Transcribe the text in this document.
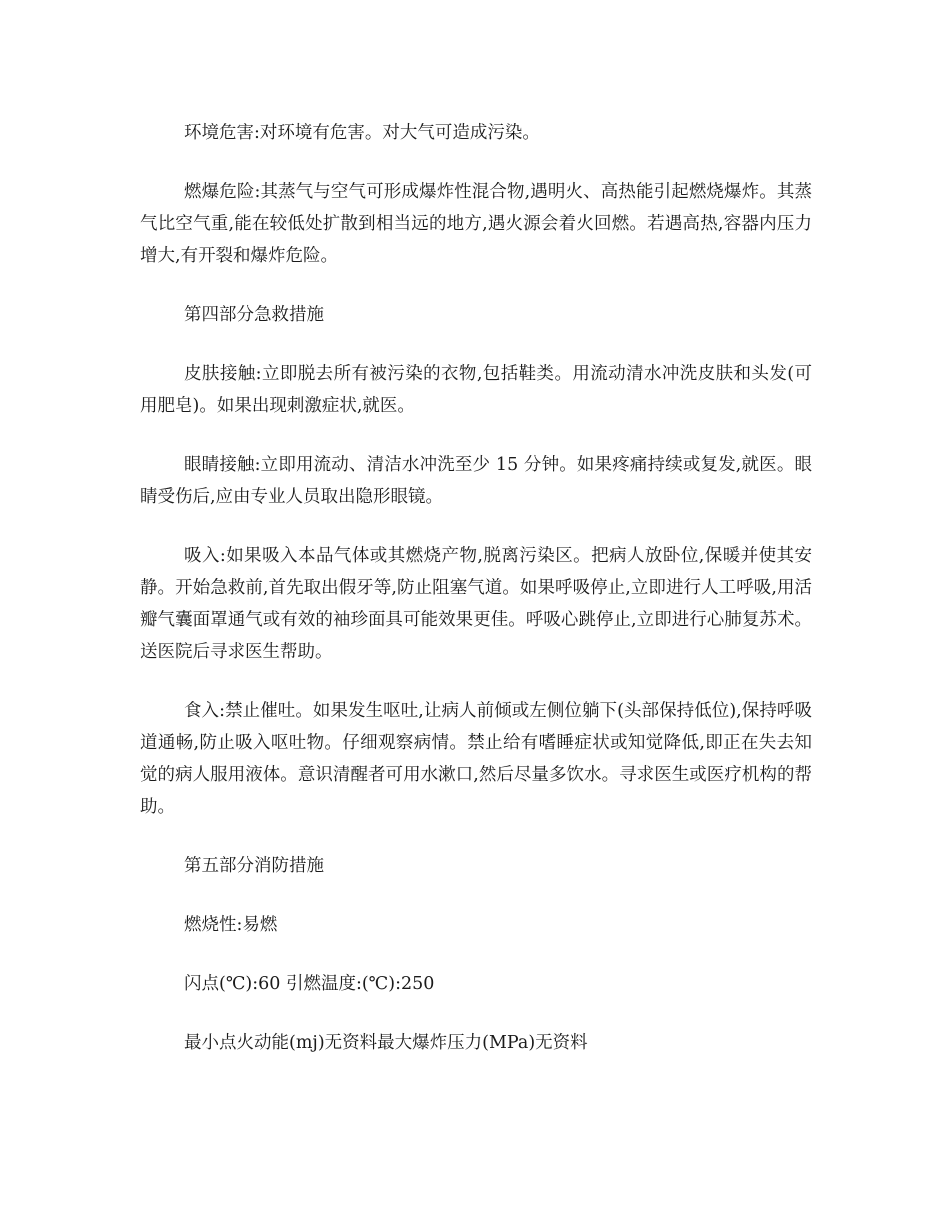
环境危害:对环境有危害。对大气可造成污染。

燃爆危险:其蒸气与空气可形成爆炸性混合物,遇明火、高热能引起燃烧爆炸。其蒸气比空气重,能在较低处扩散到相当远的地方,遇火源会着火回燃。若遇高热,容器内压力增大,有开裂和爆炸危险。

第四部分急救措施

皮肤接触:立即脱去所有被污染的衣物,包括鞋类。用流动清水冲洗皮肤和头发(可用肥皂)。如果出现刺激症状,就医。

眼睛接触:立即用流动、清洁水冲洗至少 15 分钟。如果疼痛持续或复发,就医。眼睛受伤后,应由专业人员取出隐形眼镜。

吸入:如果吸入本品气体或其燃烧产物,脱离污染区。把病人放卧位,保暖并使其安静。开始急救前,首先取出假牙等,防止阻塞气道。如果呼吸停止,立即进行人工呼吸,用活瓣气囊面罩通气或有效的袖珍面具可能效果更佳。呼吸心跳停止,立即进行心肺复苏术。送医院后寻求医生帮助。

食入:禁止催吐。如果发生呕吐,让病人前倾或左侧位躺下(头部保持低位),保持呼吸道通畅,防止吸入呕吐物。仔细观察病情。禁止给有嗜睡症状或知觉降低,即正在失去知觉的病人服用液体。意识清醒者可用水漱口,然后尽量多饮水。寻求医生或医疗机构的帮助。

第五部分消防措施

燃烧性:易燃

闪点(℃):60 引燃温度:(℃):250

最小点火动能(mj)无资料最大爆炸压力(MPa)无资料
